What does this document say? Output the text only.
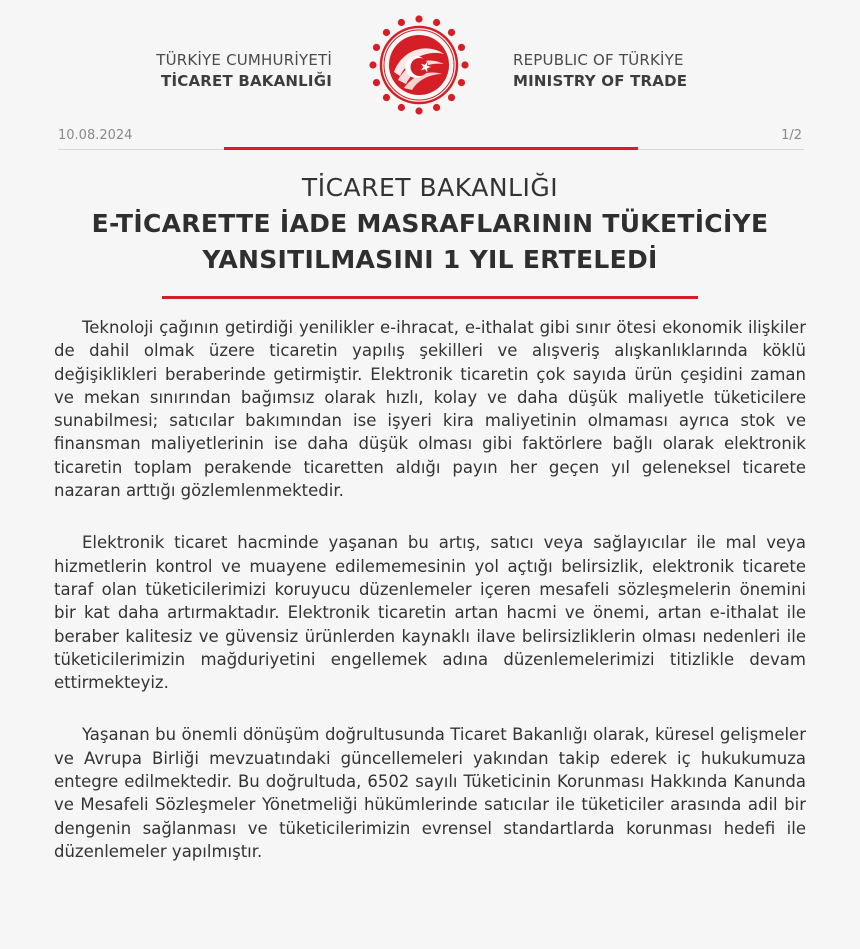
TÜRKİYE CUMHURİYETİ
TİCARET BAKANLIĞI
REPUBLIC OF TÜRKİYE
MINISTRY OF TRADE
10.08.2024	1/2
TİCARET BAKANLIĞI
E-TİCARETTE İADE MASRAFLARININ TÜKETİCİYE
YANSITILMASINI 1 YIL ERTELEDİ

Teknoloji çağının getirdiği yenilikler e-ihracat, e-ithalat gibi sınır ötesi ekonomik ilişkiler de dahil olmak üzere ticaretin yapılış şekilleri ve alışveriş alışkanlıklarında köklü değişiklikleri beraberinde getirmiştir. Elektronik ticaretin çok sayıda ürün çeşidini zaman ve mekan sınırından bağımsız olarak hızlı, kolay ve daha düşük maliyetle tüketicilere sunabilmesi; satıcılar bakımından ise işyeri kira maliyetinin olmaması ayrıca stok ve finansman maliyetlerinin ise daha düşük olması gibi faktörlere bağlı olarak elektronik ticaretin toplam perakende ticaretten aldığı payın her geçen yıl geleneksel ticarete nazaran arttığı gözlemlenmektedir.

Elektronik ticaret hacminde yaşanan bu artış, satıcı veya sağlayıcılar ile mal veya hizmetlerin kontrol ve muayene edilememesinin yol açtığı belirsizlik, elektronik ticarete taraf olan tüketicilerimizi koruyucu düzenlemeler içeren mesafeli sözleşmelerin önemini bir kat daha artırmaktadır. Elektronik ticaretin artan hacmi ve önemi, artan e-ithalat ile beraber kalitesiz ve güvensiz ürünlerden kaynaklı ilave belirsizliklerin olması nedenleri ile tüketicilerimizin mağduriyetini engellemek adına düzenlemelerimizi titizlikle devam ettirmekteyiz.

Yaşanan bu önemli dönüşüm doğrultusunda Ticaret Bakanlığı olarak, küresel gelişmeler ve Avrupa Birliği mevzuatındaki güncellemeleri yakından takip ederek iç hukukumuza entegre edilmektedir. Bu doğrultuda, 6502 sayılı Tüketicinin Korunması Hakkında Kanunda ve Mesafeli Sözleşmeler Yönetmeliği hükümlerinde satıcılar ile tüketiciler arasında adil bir dengenin sağlanması ve tüketicilerimizin evrensel standartlarda korunması hedefi ile düzenlemeler yapılmıştır.
